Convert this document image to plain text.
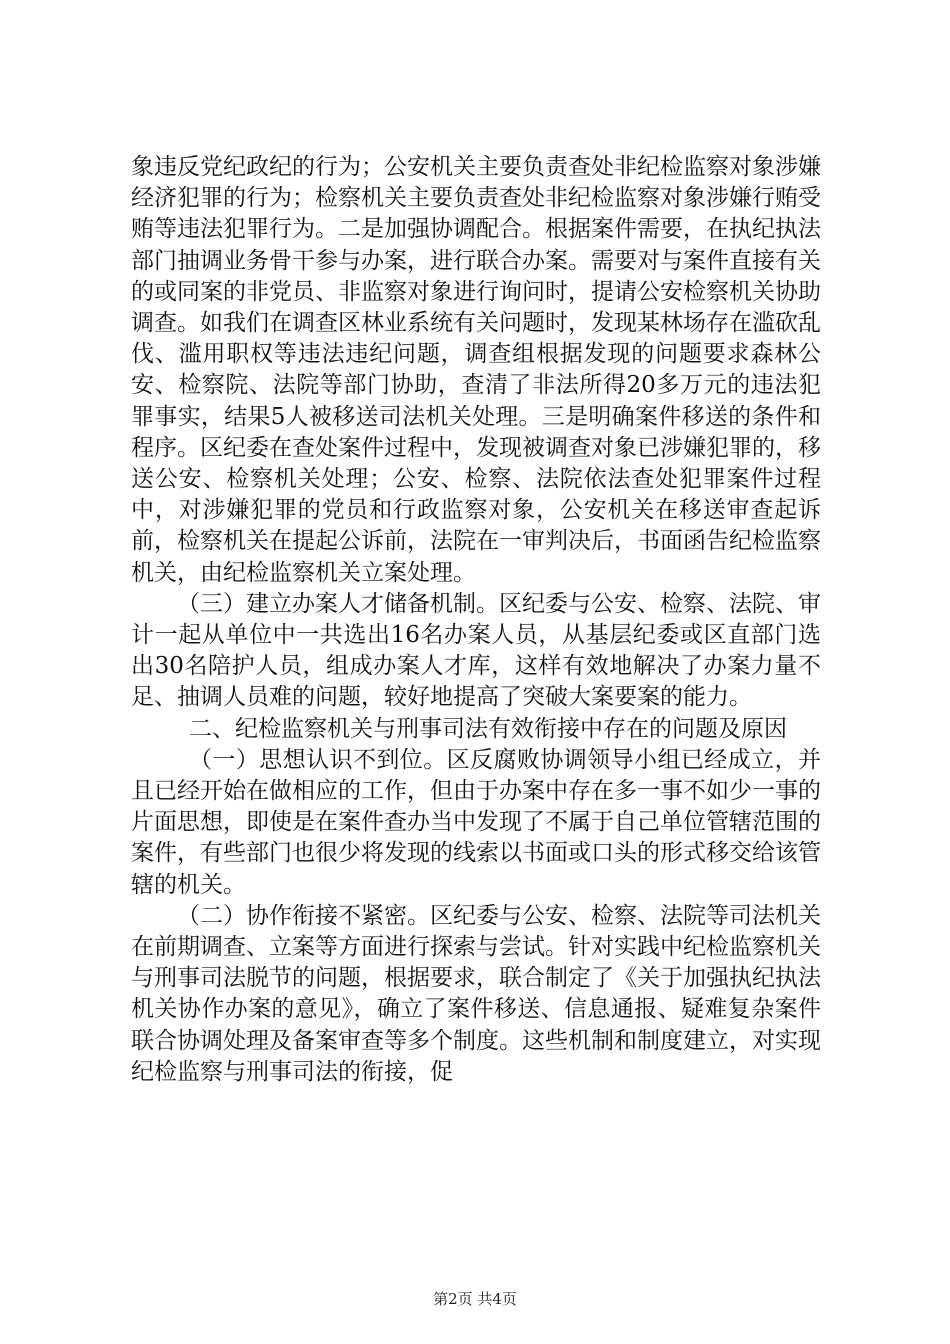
象违反党纪政纪的行为；公安机关主要负责查处非纪检监察对象涉嫌经济犯罪的行为；检察机关主要负责查处非纪检监察对象涉嫌行贿受贿等违法犯罪行为。二是加强协调配合。根据案件需要，在执纪执法部门抽调业务骨干参与办案，进行联合办案。需要对与案件直接有关的或同案的非党员、非监察对象进行询问时，提请公安检察机关协助调查。如我们在调查区林业系统有关问题时，发现某林场存在滥砍乱伐、滥用职权等违法违纪问题，调查组根据发现的问题要求森林公安、检察院、法院等部门协助，查清了非法所得20多万元的违法犯罪事实，结果5人被移送司法机关处理。三是明确案件移送的条件和程序。区纪委在查处案件过程中，发现被调查对象已涉嫌犯罪的，移送公安、检察机关处理；公安、检察、法院依法查处犯罪案件过程中，对涉嫌犯罪的党员和行政监察对象，公安机关在移送审查起诉前，检察机关在提起公诉前，法院在一审判决后，书面函告纪检监察机关，由纪检监察机关立案处理。

（三）建立办案人才储备机制。区纪委与公安、检察、法院、审计一起从单位中一共选出16名办案人员，从基层纪委或区直部门选出30名陪护人员，组成办案人才库，这样有效地解决了办案力量不足、抽调人员难的问题，较好地提高了突破大案要案的能力。

二、纪检监察机关与刑事司法有效衔接中存在的问题及原因

（一）思想认识不到位。区反腐败协调领导小组已经成立，并且已经开始在做相应的工作，但由于办案中存在多一事不如少一事的片面思想，即使是在案件查办当中发现了不属于自己单位管辖范围的案件，有些部门也很少将发现的线索以书面或口头的形式移交给该管辖的机关。

（二）协作衔接不紧密。区纪委与公安、检察、法院等司法机关在前期调查、立案等方面进行探索与尝试。针对实践中纪检监察机关与刑事司法脱节的问题，根据要求，联合制定了《关于加强执纪执法机关协作办案的意见》，确立了案件移送、信息通报、疑难复杂案件联合协调处理及备案审查等多个制度。这些机制和制度建立，对实现纪检监察与刑事司法的衔接，促

第2页 共4页
